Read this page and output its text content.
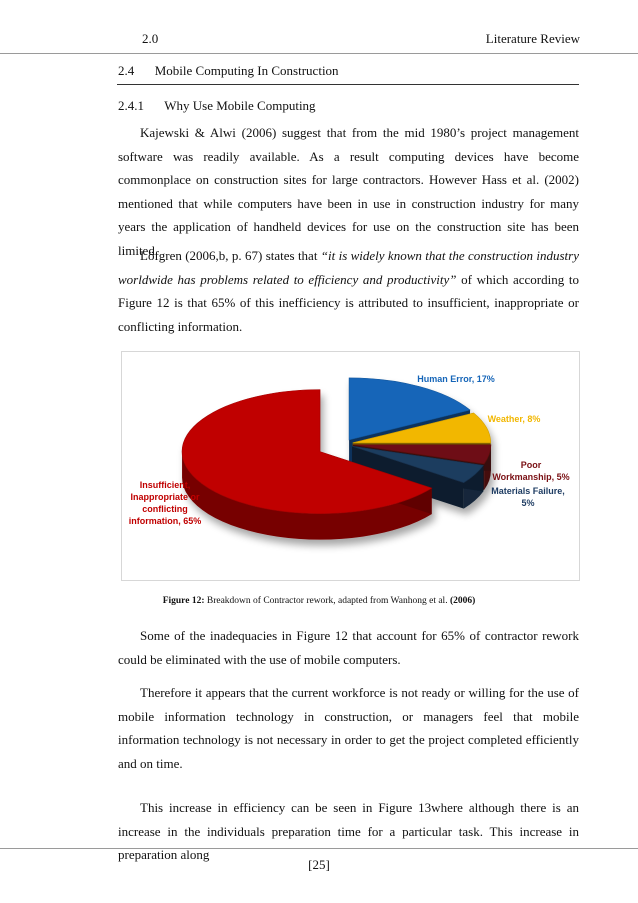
2.0	Literature Review
2.4 Mobile Computing In Construction
2.4.1 Why Use Mobile Computing

Kajewski & Alwi (2006) suggest that from the mid 1980’s project management software was readily available. As a result computing devices have become commonplace on construction sites for large contractors. However Hass et al. (2002) mentioned that while computers have been in use in construction industry for many years the application of handheld devices for use on the construction site has been limited.

Löfgren (2006,b, p. 67) states that “it is widely known that the construction industry worldwide has problems related to efficiency and productivity” of which according to Figure 12 is that 65% of this inefficiency is attributed to insufficient, inappropriate or conflicting information.

Human Error, 17%
Weather, 8%
Poor Workmanship, 5%
Materials Failure, 5%
Insufficient, Inappropriate or conflicting information, 65%
Figure 12: Breakdown of Contractor rework, adapted from Wanhong et al. (2006)

Some of the inadequacies in Figure 12 that account for 65% of contractor rework could be eliminated with the use of mobile computers.

Therefore it appears that the current workforce is not ready or willing for the use of mobile information technology in construction, or managers feel that mobile information technology is not necessary in order to get the project completed efficiently and on time.

This increase in efficiency can be seen in Figure 13where although there is an increase in the individuals preparation time for a particular task. This increase in preparation along

[25]
